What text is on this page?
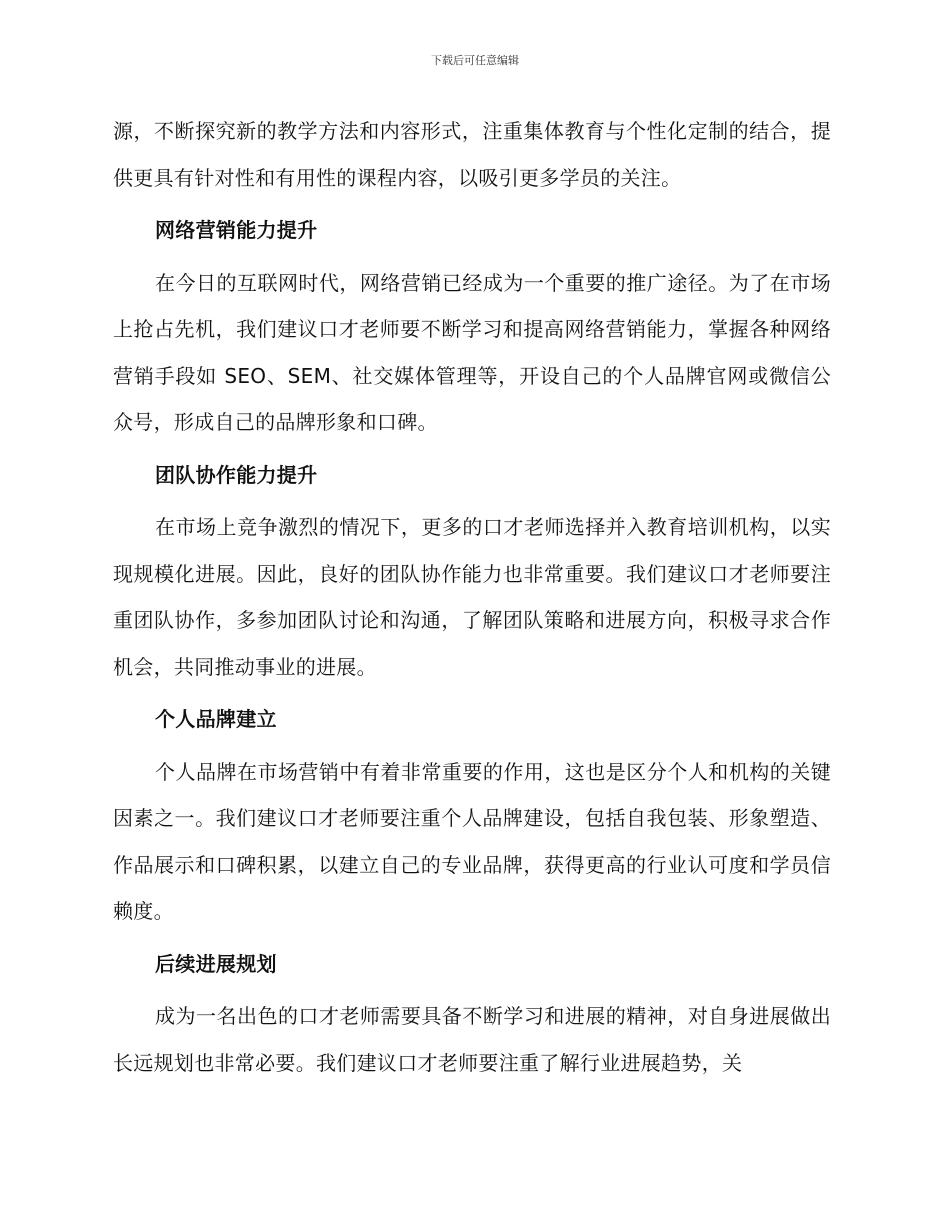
下载后可任意编辑

源，不断探究新的教学方法和内容形式，注重集体教育与个性化定制的结合，提供更具有针对性和有用性的课程内容，以吸引更多学员的关注。

网络营销能力提升

在今日的互联网时代，网络营销已经成为一个重要的推广途径。为了在市场上抢占先机，我们建议口才老师要不断学习和提高网络营销能力，掌握各种网络营销手段如 SEO、SEM、社交媒体管理等，开设自己的个人品牌官网或微信公众号，形成自己的品牌形象和口碑。

团队协作能力提升

在市场上竞争激烈的情况下，更多的口才老师选择并入教育培训机构，以实现规模化进展。因此，良好的团队协作能力也非常重要。我们建议口才老师要注重团队协作，多参加团队讨论和沟通，了解团队策略和进展方向，积极寻求合作机会，共同推动事业的进展。

个人品牌建立

个人品牌在市场营销中有着非常重要的作用，这也是区分个人和机构的关键因素之一。我们建议口才老师要注重个人品牌建设，包括自我包装、形象塑造、作品展示和口碑积累，以建立自己的专业品牌，获得更高的行业认可度和学员信赖度。

后续进展规划

成为一名出色的口才老师需要具备不断学习和进展的精神，对自身进展做出长远规划也非常必要。我们建议口才老师要注重了解行业进展趋势，关
